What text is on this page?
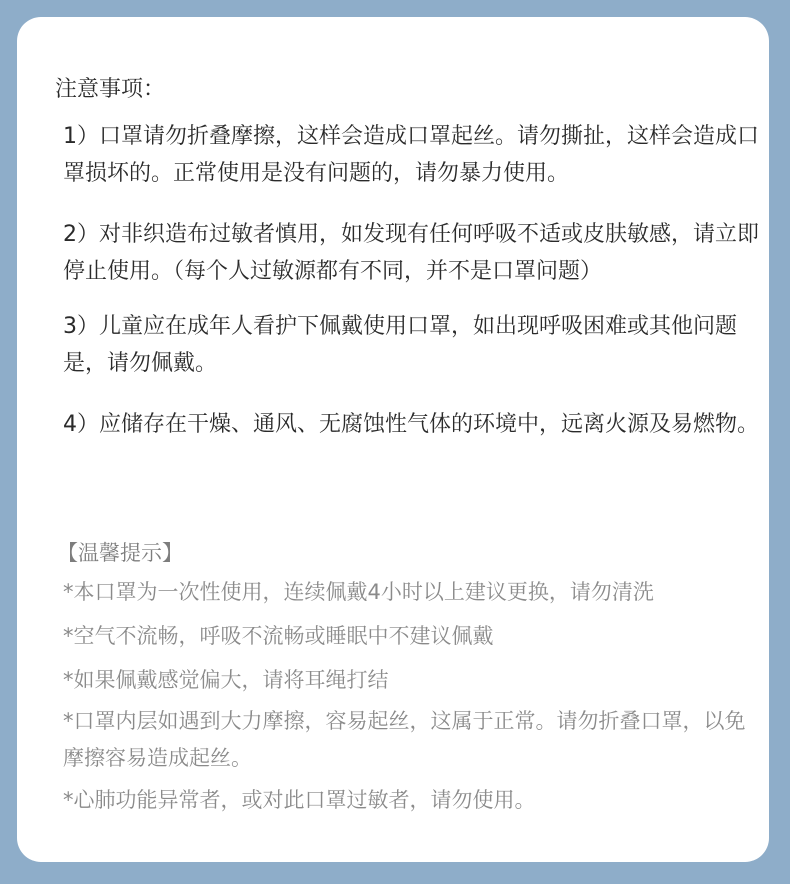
注意事项：

1）口罩请勿折叠摩擦，这样会造成口罩起丝。请勿撕扯，这样会造成口罩损坏的。正常使用是没有问题的，请勿暴力使用。

2）对非织造布过敏者慎用，如发现有任何呼吸不适或皮肤敏感，请立即停止使用。（每个人过敏源都有不同，并不是口罩问题）

3）儿童应在成年人看护下佩戴使用口罩，如出现呼吸困难或其他问题是，请勿佩戴。

4）应储存在干燥、通风、无腐蚀性气体的环境中，远离火源及易燃物。

【温馨提示】

*本口罩为一次性使用，连续佩戴4小时以上建议更换，请勿清洗

*空气不流畅，呼吸不流畅或睡眠中不建议佩戴

*如果佩戴感觉偏大，请将耳绳打结

*口罩内层如遇到大力摩擦，容易起丝，这属于正常。请勿折叠口罩，以免摩擦容易造成起丝。

*心肺功能异常者，或对此口罩过敏者，请勿使用。
